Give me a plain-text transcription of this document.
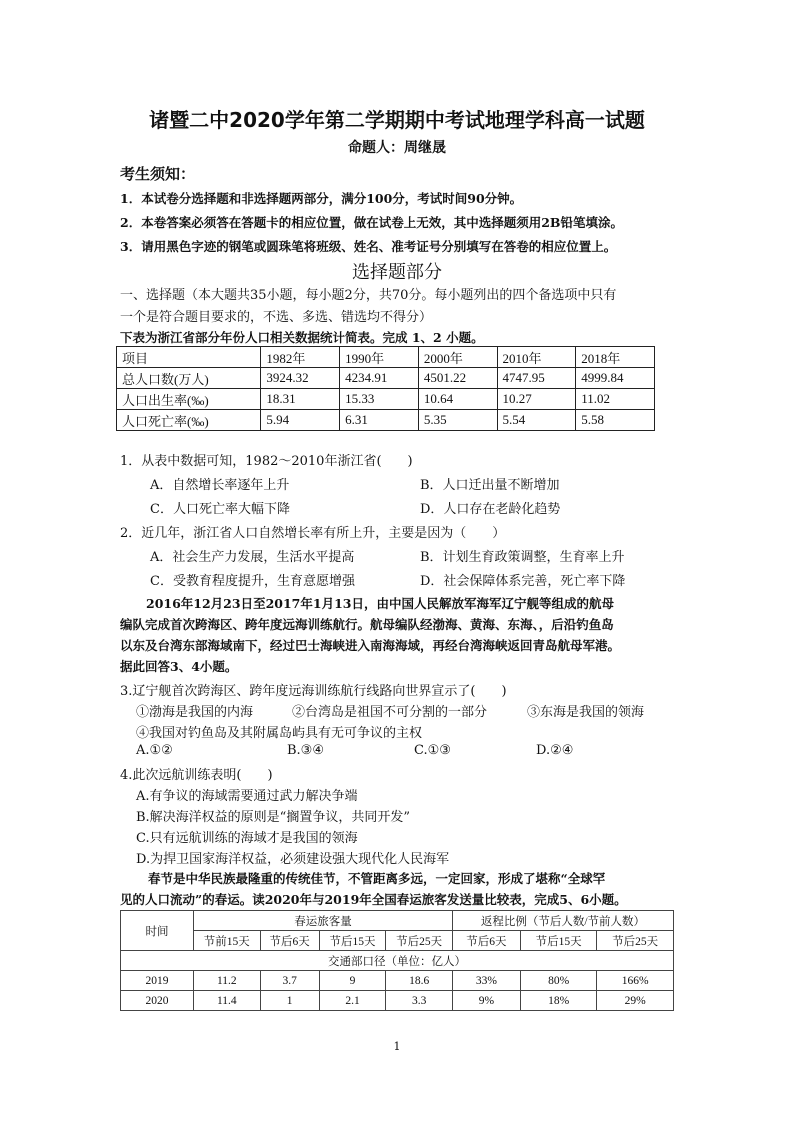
诸暨二中2020学年第二学期期中考试地理学科高一试题
命题人：周继晟
考生须知：
1．本试卷分选择题和非选择题两部分，满分100分，考试时间90分钟。
2．本卷答案必须答在答题卡的相应位置，做在试卷上无效，其中选择题须用2B铅笔填涂。
3．请用黑色字迹的钢笔或圆珠笔将班级、姓名、准考证号分别填写在答卷的相应位置上。
选择题部分
一、选择题（本大题共35小题，每小题2分，共70分。每小题列出的四个备选项中只有
一个是符合题目要求的，不选、多选、错选均不得分）
下表为浙江省部分年份人口相关数据统计简表。完成 1、2 小题。
项目	1982年	1990年	2000年	2010年	2018年
总人口数(万人)	3924.32	4234.91	4501.22	4747.95	4999.84
人口出生率(‰)	18.31	15.33	10.64	10.27	11.02
人口死亡率(‰)	5.94	6.31	5.35	5.54	5.58
1．从表中数据可知，1982～2010年浙江省(　　)
A．自然增长率逐年上升	B．人口迁出量不断增加
C．人口死亡率大幅下降	D．人口存在老龄化趋势
2．近几年，浙江省人口自然增长率有所上升，主要是因为（　　）
A．社会生产力发展，生活水平提高	B．计划生育政策调整，生育率上升
C．受教育程度提升，生育意愿增强	D．社会保障体系完善，死亡率下降
2016年12月23日至2017年1月13日，由中国人民解放军海军辽宁舰等组成的航母
编队完成首次跨海区、跨年度远海训练航行。航母编队经渤海、黄海、东海、，后沿钓鱼岛
以东及台湾东部海域南下，经过巴士海峡进入南海海域，再经台湾海峡返回青岛航母军港。
据此回答3、4小题。
3.辽宁舰首次跨海区、跨年度远海训练航行线路向世界宣示了(　　)
①渤海是我国的内海	②台湾岛是祖国不可分割的一部分	③东海是我国的领海
④我国对钓鱼岛及其附属岛屿具有无可争议的主权
A.①②	B.③④	C.①③	D.②④
4.此次远航训练表明(　　)
A.有争议的海域需要通过武力解决争端
B.解决海洋权益的原则是“搁置争议，共同开发”
C.只有远航训练的海域才是我国的领海
D.为捍卫国家海洋权益，必须建设强大现代化人民海军
春节是中华民族最隆重的传统佳节，不管距离多远，一定回家，形成了堪称“全球罕
见的人口流动”的春运。读2020年与2019年全国春运旅客发送量比较表，完成5、6小题。
时间	春运旅客量				返程比例（节后人数/节前人数）		
	节前15天	节后6天	节后15天	节后25天	节后6天	节后15天	节后25天
交通部口径（单位：亿人）							
2019	11.2	3.7	9	18.6	33%	80%	166%
2020	11.4	1	2.1	3.3	9%	18%	29%
1
